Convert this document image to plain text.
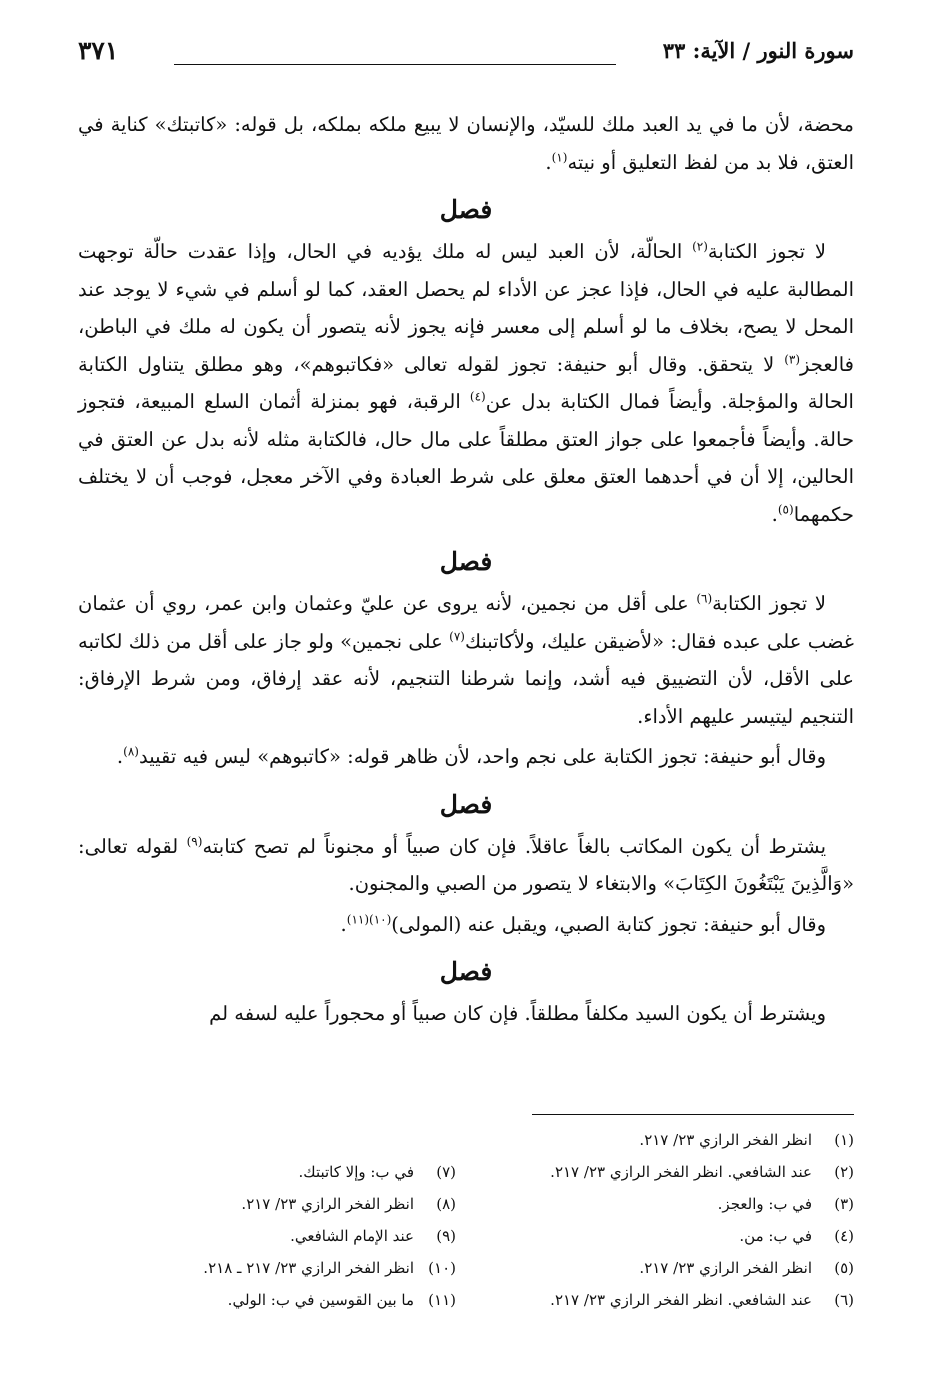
سورة النور / الآية: ٣٣
٣٧١

محضة، لأن ما في يد العبد ملك للسيّد، والإنسان لا يبيع ملكه بملكه، بل قوله: «كاتبتك» كناية في العتق، فلا بد من لفظ التعليق أو نيته$^{(١)}$.

فصل

لا تجوز الكتابة$^{(٢)}$ الحالّة، لأن العبد ليس له ملك يؤديه في الحال، وإذا عقدت حالّة توجهت المطالبة عليه في الحال، فإذا عجز عن الأداء لم يحصل العقد، كما لو أسلم في شيء لا يوجد عند المحل لا يصح، بخلاف ما لو أسلم إلى معسر فإنه يجوز لأنه يتصور أن يكون له ملك في الباطن، فالعجز$^{(٣)}$ لا يتحقق. وقال أبو حنيفة: تجوز لقوله تعالى «فكاتبوهم»، وهو مطلق يتناول الكتابة الحالة والمؤجلة. وأيضاً فمال الكتابة بدل عن$^{(٤)}$ الرقبة، فهو بمنزلة أثمان السلع المبيعة، فتجوز حالة. وأيضاً فأجمعوا على جواز العتق مطلقاً على مال حال، فالكتابة مثله لأنه بدل عن العتق في الحالين، إلا أن في أحدهما العتق معلق على شرط العبادة وفي الآخر معجل، فوجب أن لا يختلف حكمهما$^{(٥)}$.

فصل

لا تجوز الكتابة$^{(٦)}$ على أقل من نجمين، لأنه يروى عن عليّ وعثمان وابن عمر، روي أن عثمان غضب على عبده فقال: «لأضيقن عليك، ولأكاتبنك$^{(٧)}$ على نجمين» ولو جاز على أقل من ذلك لكاتبه على الأقل، لأن التضييق فيه أشد، وإنما شرطنا التنجيم، لأنه عقد إرفاق، ومن شرط الإرفاق: التنجيم ليتيسر عليهم الأداء.

وقال أبو حنيفة: تجوز الكتابة على نجم واحد، لأن ظاهر قوله: «كاتبوهم» ليس فيه تقييد$^{(٨)}$.

فصل

يشترط أن يكون المكاتب بالغاً عاقلاً. فإن كان صبياً أو مجنوناً لم تصح كتابته$^{(٩)}$ لقوله تعالى: «وَالَّذِينَ يَبْتَغُونَ الكِتَابَ» والابتغاء لا يتصور من الصبي والمجنون.

وقال أبو حنيفة: تجوز كتابة الصبي، ويقبل عنه (المولى)$^{(١٠)(١١)}$.

فصل

ويشترط أن يكون السيد مكلفاً مطلقاً. فإن كان صبياً أو محجوراً عليه لسفه لم

(١)
انظر الفخر الرازي ٢٣/ ٢١٧.
(٢)
عند الشافعي. انظر الفخر الرازي ٢٣/ ٢١٧.
(٣)
في ب: والعجز.
(٤)
في ب: من.
(٥)
انظر الفخر الرازي ٢٣/ ٢١٧.
(٦)
عند الشافعي. انظر الفخر الرازي ٢٣/ ٢١٧.
(٧)
في ب: وإلا كاتبتك.
(٨)
انظر الفخر الرازي ٢٣/ ٢١٧.
(٩)
عند الإمام الشافعي.
(١٠)
انظر الفخر الرازي ٢٣/ ٢١٧ ـ ٢١٨.
(١١)
ما بين القوسين في ب: الولي.
